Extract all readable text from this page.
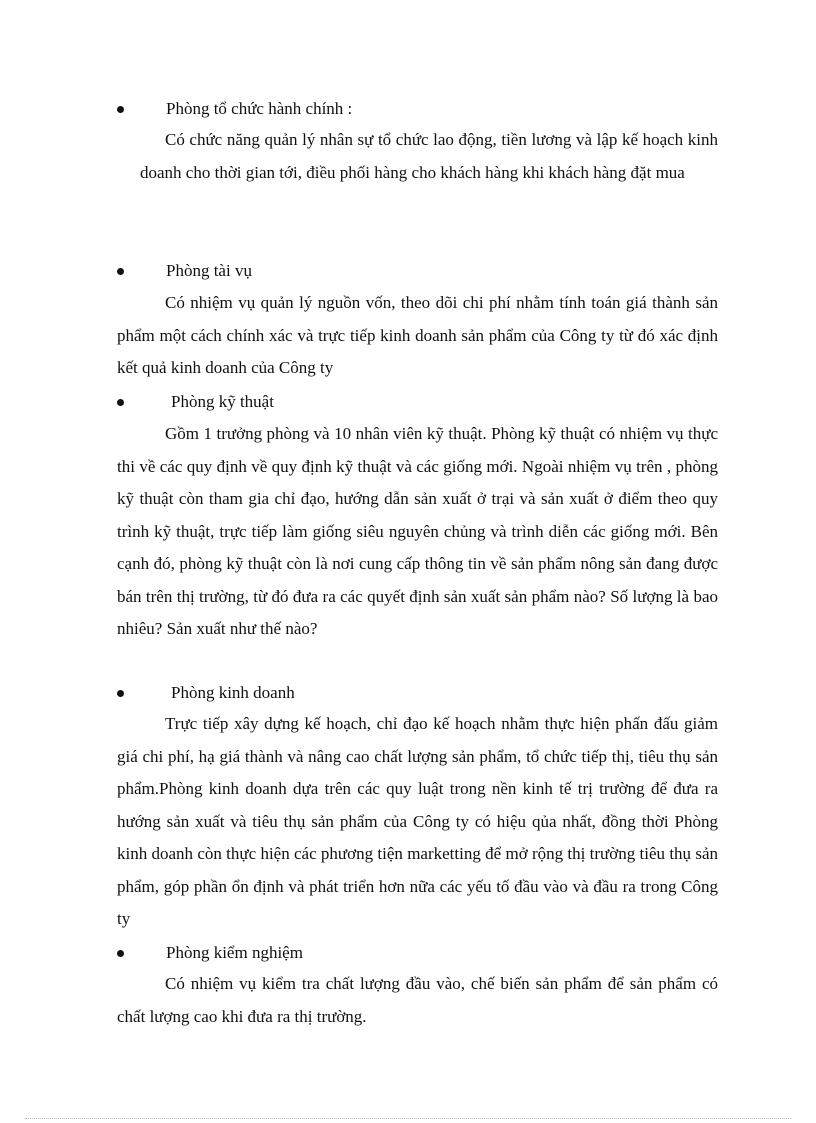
Phòng tổ chức hành chính :

Có chức năng quản lý nhân sự tổ chức lao động, tiền lương và lập kế hoạch kinh doanh cho thời gian tới, điều phối hàng cho khách hàng khi khách hàng đặt mua

Phòng tài vụ

Có nhiệm vụ quản lý nguồn vốn, theo dõi chi phí nhằm tính toán giá thành sản phẩm một cách chính xác và trực tiếp kinh doanh sản phẩm của Công ty từ đó xác định kết quả kinh doanh của Công ty

Phòng kỹ thuật

Gồm 1 trưởng phòng và 10 nhân viên kỹ thuật. Phòng kỹ thuật có nhiệm vụ thực thi về các quy định về quy định kỹ thuật và các giống mới. Ngoài nhiệm vụ trên , phòng kỹ thuật còn tham gia chỉ đạo, hướng dẫn sản xuất ở trại và sản xuất ở điểm theo quy trình kỹ thuật, trực tiếp làm giống siêu nguyên chủng và trình diễn các giống mới. Bên cạnh đó, phòng kỹ thuật còn là nơi cung cấp thông tin về sản phẩm nông sản đang được bán trên thị trường, từ đó đưa ra các quyết định sản xuất sản phẩm nào? Số lượng là bao nhiêu? Sản xuất như thế nào?

Phòng kinh doanh

Trực tiếp xây dựng kế hoạch, chỉ đạo kế hoạch nhằm thực hiện phấn đấu giảm giá chi phí, hạ giá thành và nâng cao chất lượng sản phẩm, tổ chức tiếp thị, tiêu thụ sản phẩm.Phòng kinh doanh dựa trên các quy luật trong nền kinh tế trị trường để đưa ra hướng sản xuất và tiêu thụ sản phẩm của Công ty có hiệu qủa nhất, đồng thời Phòng kinh doanh còn thực hiện các phương tiện marketting để mở rộng thị trường tiêu thụ sản phẩm, góp phần ổn định và phát triển hơn nữa các yếu tố đầu vào và đầu ra trong Công ty

Phòng kiểm nghiệm

Có nhiệm vụ kiểm tra chất lượng đầu vào, chế biến sản phẩm để sản phẩm có chất lượng cao khi đưa ra thị trường.
